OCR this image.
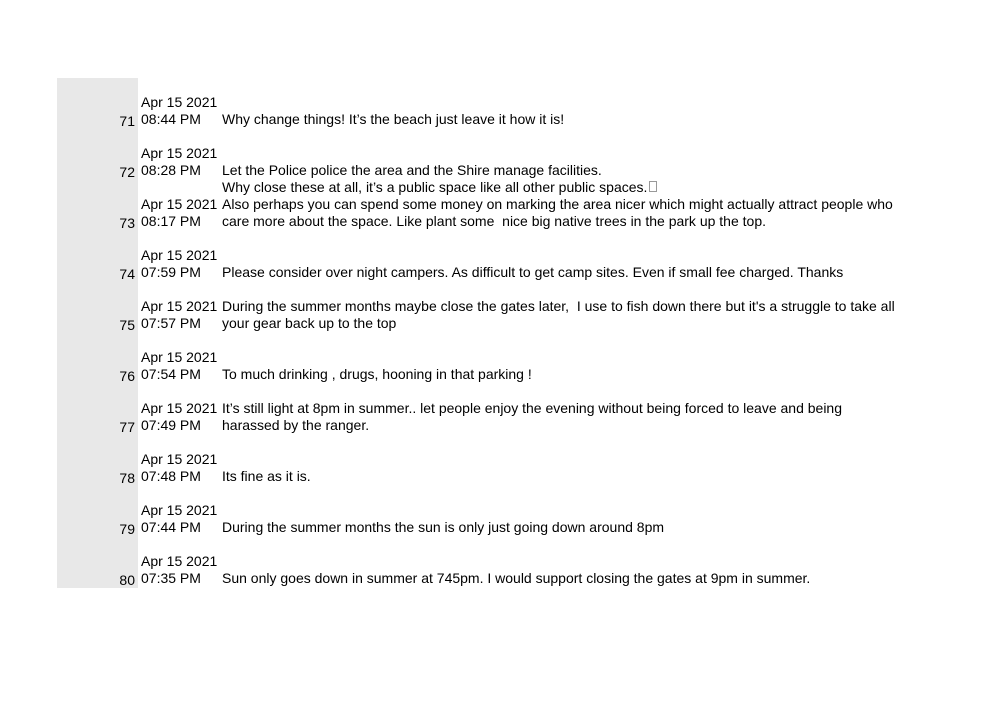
71
Apr 15 2021
08:44 PM Why change things! It’s the beach just leave it how it is!

72
Apr 15 2021
08:28 PM Let the Police police the area and the Shire manage facilities.

73
Apr 15 2021
08:17 PM

Why close these at all, it’s a public space like all other public spaces.

Also perhaps you can spend some money on marking the area nicer which might actually attract people who

care more about the space. Like plant some  nice big native trees in the park up the top.

74
Apr 15 2021
07:59 PM Please consider over night campers. As difficult to get camp sites. Even if small fee charged. Thanks

75
Apr 15 2021
07:57 PM

During the summer months maybe close the gates later,  I use to fish down there but it's a struggle to take all

your gear back up to the top

76
Apr 15 2021
07:54 PM To much drinking , drugs, hooning in that parking !

77
Apr 15 2021
07:49 PM

It’s still light at 8pm in summer.. let people enjoy the evening without being forced to leave and being

harassed by the ranger.

78
Apr 15 2021
07:48 PM Its fine as it is.

79
Apr 15 2021
07:44 PM During the summer months the sun is only just going down around 8pm

80
Apr 15 2021
07:35 PM Sun only goes down in summer at 745pm. I would support closing the gates at 9pm in summer.
